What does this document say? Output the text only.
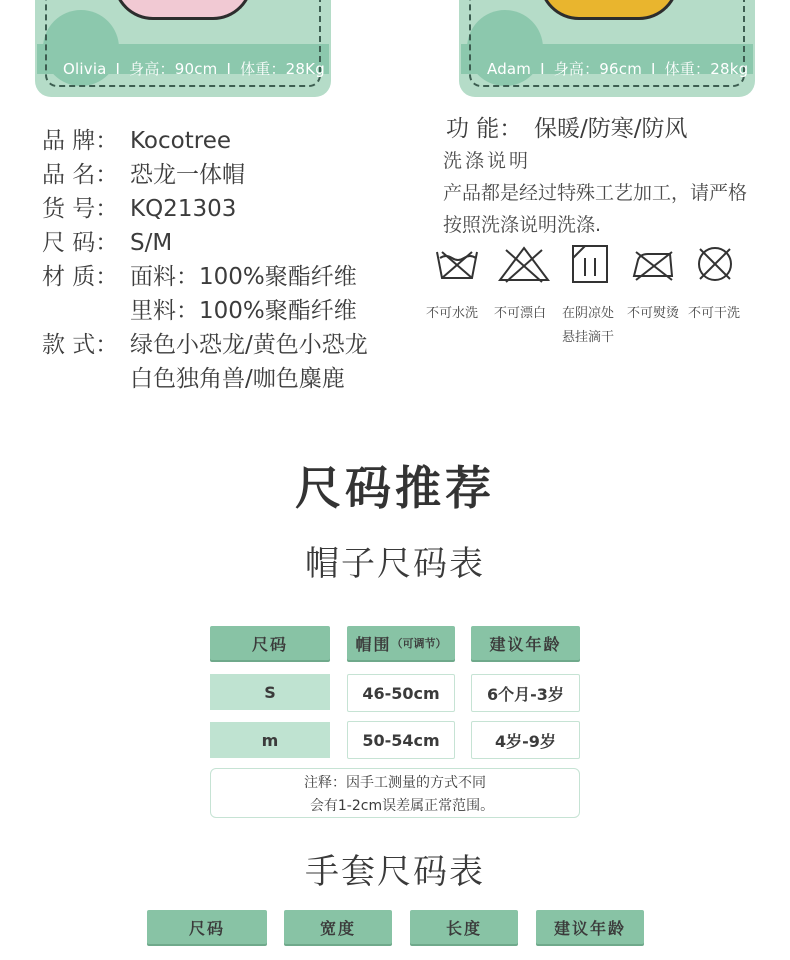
Olivia I 身高：90cm I 体重：28Kg	Adam I 身高：96cm I 体重：28kg
品 牌： Kocotree
品 名： 恐龙一体帽
货 号： KQ21303
尺 码： S/M
材 质： 面料：100%聚酯纤维
里料：100%聚酯纤维
款 式： 绿色小恐龙/黄色小恐龙
白色独角兽/咖色麋鹿
功 能： 保暖/防寒/防风
洗涤说明
产品都是经过特殊工艺加工，请严格
按照洗涤说明洗涤.
不可水洗 不可漂白 在阴凉处
悬挂滴干
不可熨烫 不可干洗
尺码推荐
帽子尺码表
尺码	帽围 （可调节）	建议年龄
S	46-50cm	6个月-3岁
m	50-54cm	4岁-9岁
注释：因手工测量的方式不同
会有1-2cm误差属正常范围。
手套尺码表
尺码	宽度	长度	建议年龄
